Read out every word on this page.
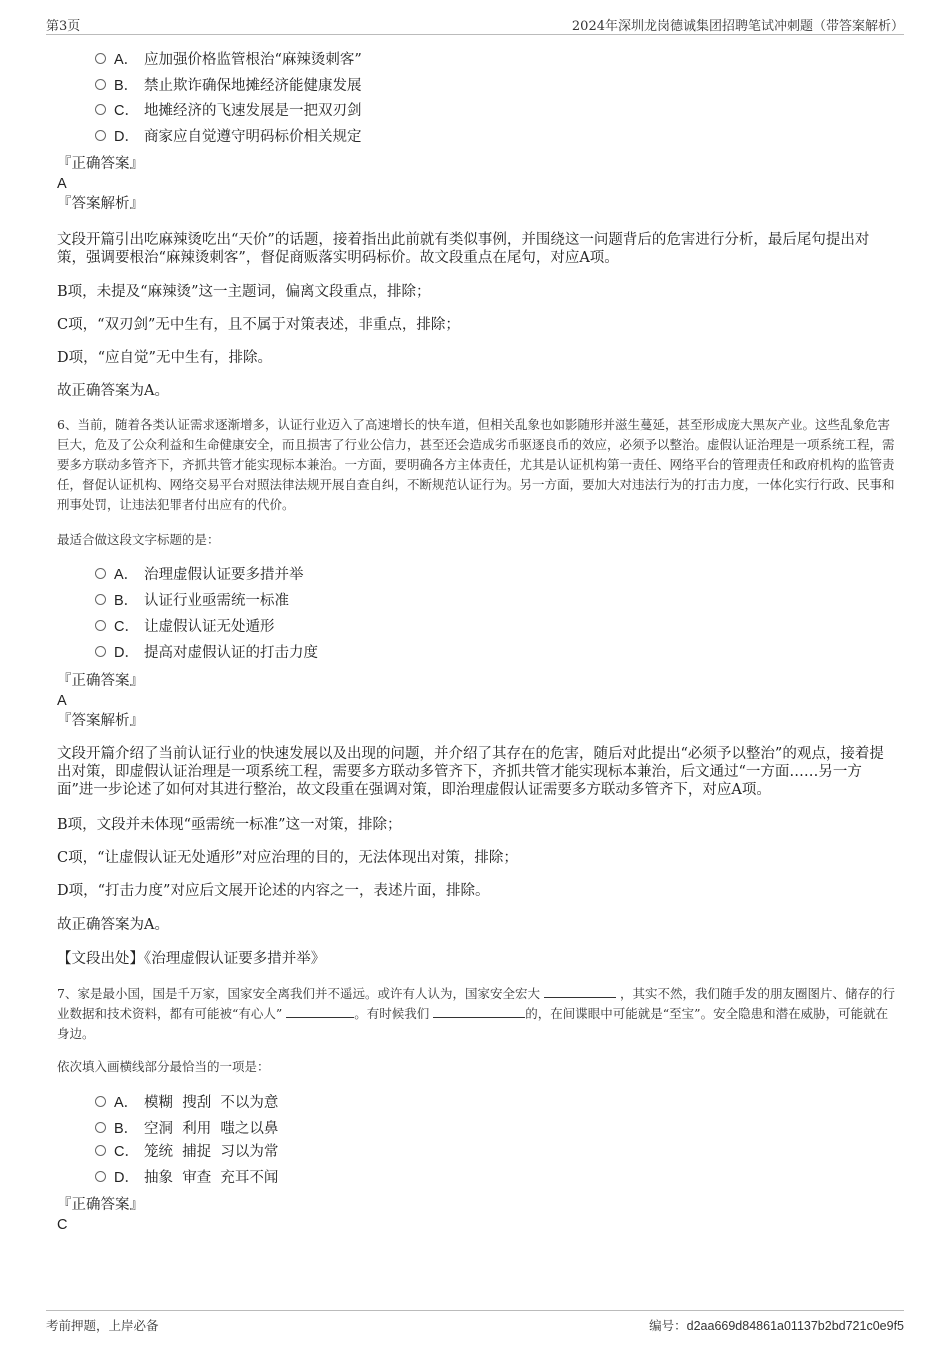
第3页	2024年深圳龙岗德诚集团招聘笔试冲刺题（带答案解析）
A． 应加强价格监管根治“麻辣烫刺客”
B． 禁止欺诈确保地摊经济能健康发展
C． 地摊经济的飞速发展是一把双刃剑
D． 商家应自觉遵守明码标价相关规定
『正确答案』
A
『答案解析』
文段开篇引出吃麻辣烫吃出“天价”的话题，接着指出此前就有类似事例，并围绕这一问题背后的危害进行分析，最后尾句提出对策，强调要根治“麻辣烫刺客”，督促商贩落实明码标价。故文段重点在尾句，对应A项。
B项，未提及“麻辣烫”这一主题词，偏离文段重点，排除；
C项，“双刃剑”无中生有，且不属于对策表述，非重点，排除；
D项，“应自觉”无中生有，排除。
故正确答案为A。
6、当前，随着各类认证需求逐渐增多，认证行业迈入了高速增长的快车道，但相关乱象也如影随形并滋生蔓延，甚至形成庞大黑灰产业。这些乱象危害巨大，危及了公众利益和生命健康安全，而且损害了行业公信力，甚至还会造成劣币驱逐良币的效应，必须予以整治。虚假认证治理是一项系统工程，需要多方联动多管齐下，齐抓共管才能实现标本兼治。一方面，要明确各方主体责任，尤其是认证机构第一责任、网络平台的管理责任和政府机构的监管责任，督促认证机构、网络交易平台对照法律法规开展自查自纠，不断规范认证行为。另一方面，要加大对违法行为的打击力度，一体化实行行政、民事和刑事处罚，让违法犯罪者付出应有的代价。
最适合做这段文字标题的是：
A． 治理虚假认证要多措并举
B． 认证行业亟需统一标准
C． 让虚假认证无处遁形
D． 提高对虚假认证的打击力度
『正确答案』
A
『答案解析』
文段开篇介绍了当前认证行业的快速发展以及出现的问题，并介绍了其存在的危害，随后对此提出“必须予以整治”的观点，接着提出对策，即虚假认证治理是一项系统工程，需要多方联动多管齐下，齐抓共管才能实现标本兼治，后文通过“一方面……另一方面”进一步论述了如何对其进行整治，故文段重在强调对策，即治理虚假认证需要多方联动多管齐下，对应A项。
B项，文段并未体现“亟需统一标准”这一对策，排除；
C项，“让虚假认证无处遁形”对应治理的目的，无法体现出对策，排除；
D项，“打击力度”对应后文展开论述的内容之一，表述片面，排除。
故正确答案为A。
【文段出处】《治理虚假认证要多措并举》
7、家是最小国，国是千万家，国家安全离我们并不遥远。或许有人认为，国家安全宏大	，其实不然，我们随手发的朋友圈图片、储存的行业数据和技术资料，都有可能被“有心人”	。有时候我们	的，在间谍眼中可能就是“至宝”。安全隐患和潜在威胁，可能就在身边。
依次填入画横线部分最恰当的一项是：
A． 模糊  搜刮  不以为意
B． 空洞  利用  嗤之以鼻
C． 笼统  捕捉  习以为常
D． 抽象  审查  充耳不闻
『正确答案』
C
考前押题，上岸必备	编号：d2aa669d84861a01137b2bd721c0e9f5
